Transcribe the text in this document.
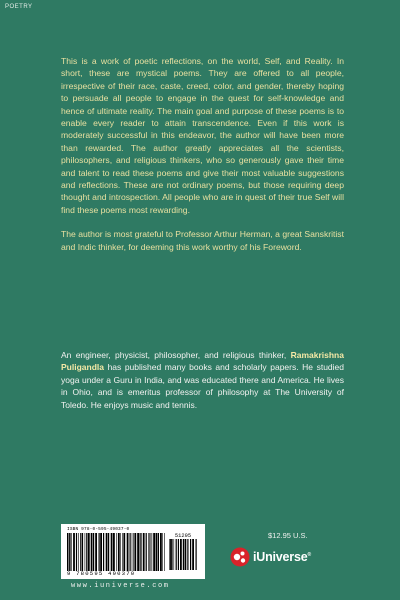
POETRY

This is a work of poetic reflections, on the world, Self, and Reality. In short, these are mystical poems. They are offered to all people, irrespective of their race, caste, creed, color, and gender, thereby hoping to persuade all people to engage in the quest for self-knowledge and hence of ultimate reality. The main goal and purpose of these poems is to enable every reader to attain transcendence. Even if this work is moderately successful in this endeavor, the author will have been more than rewarded. The author greatly appreciates all the scientists, philosophers, and religious thinkers, who so generously gave their time and talent to read these poems and give their most valuable suggestions and reflections. These are not ordinary poems, but those requiring deep thought and introspection. All people who are in quest of their true Self will find these poems most rewarding.

The author is most grateful to Professor Arthur Herman, a great Sanskritist and Indic thinker, for deeming this work worthy of his Foreword.

An engineer, physicist, philosopher, and religious thinker, Ramakrishna Puligandla has published many books and scholarly papers. He studied yoga under a Guru in India, and was educated there and America. He lives in Ohio, and is emeritus professor of philosophy at The University of Toledo. He enjoys music and tennis.
ISBN 978-0-595-49037-0
51295
9 780595 490370
$12.95 U.S.
iUniverse®
www.iuniverse.com
